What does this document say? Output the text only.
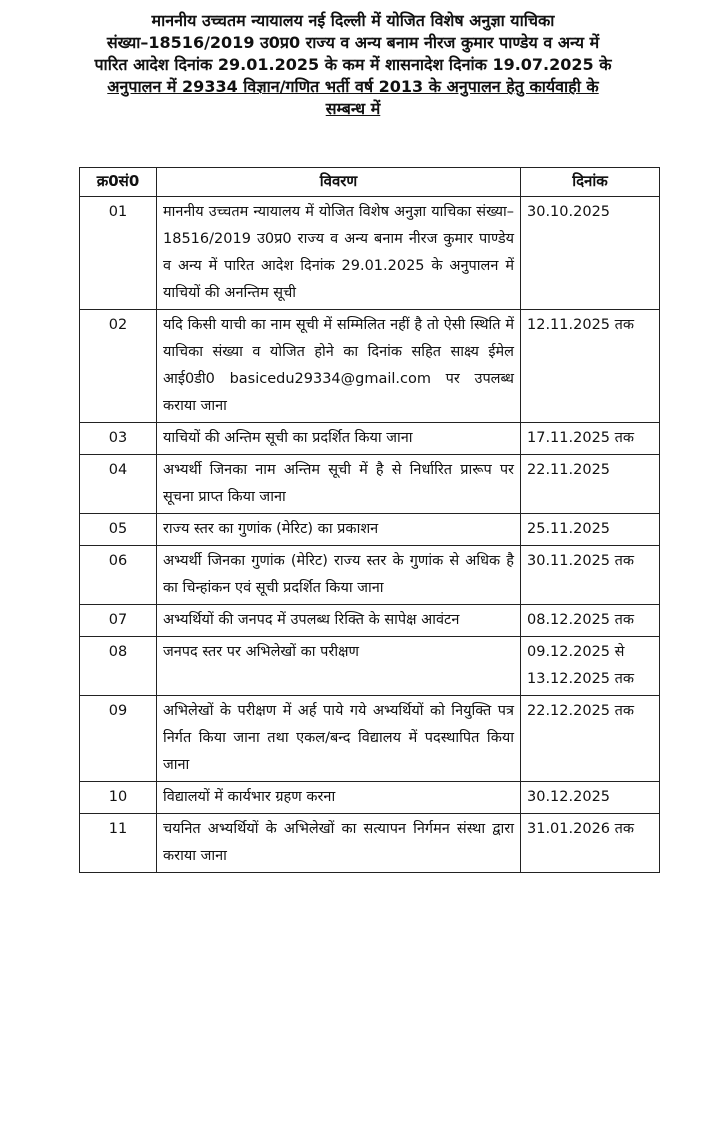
माननीय उच्चतम न्यायालय नई दिल्ली में योजित विशेष अनुज्ञा याचिका
संख्या–18516/2019 उ0प्र0 राज्य व अन्य बनाम नीरज कुमार पाण्डेय व अन्य में
पारित आदेश दिनांक 29.01.2025 के कम में शासनादेश दिनांक 19.07.2025 के
अनुपालन में 29334 विज्ञान/गणित भर्ती वर्ष 2013 के अनुपालन हेतु कार्यवाही के
सम्बन्ध में
क्र0सं0	विवरण	दिनांक
01	माननीय उच्चतम न्यायालय में योजित विशेष अनुज्ञा याचिका संख्या–18516/2019 उ0प्र0 राज्य व अन्य बनाम नीरज कुमार पाण्डेय व अन्य में पारित आदेश दिनांक 29.01.2025 के अनुपालन में याचियों की अनन्तिम सूची	30.10.2025
02	यदि किसी याची का नाम सूची में सम्मिलित नहीं है तो ऐसी स्थिति में याचिका संख्या व योजित होने का दिनांक सहित साक्ष्य ईमेल आई0डी0 basicedu29334@gmail.com पर उपलब्ध कराया जाना	12.11.2025 तक
03	याचियों की अन्तिम सूची का प्रदर्शित किया जाना	17.11.2025 तक
04	अभ्यर्थी जिनका नाम अन्तिम सूची में है से निर्धारित प्रारूप पर सूचना प्राप्त किया जाना	22.11.2025
05	राज्य स्तर का गुणांक (मेरिट) का प्रकाशन	25.11.2025
06	अभ्यर्थी जिनका गुणांक (मेरिट) राज्य स्तर के गुणांक से अधिक है का चिन्हांकन एवं सूची प्रदर्शित किया जाना	30.11.2025 तक
07	अभ्यर्थियों की जनपद में उपलब्ध रिक्ति के सापेक्ष आवंटन	08.12.2025 तक
08	जनपद स्तर पर अभिलेखों का परीक्षण	09.12.2025 से
13.12.2025 तक
09	अभिलेखों के परीक्षण में अर्ह पाये गये अभ्यर्थियों को नियुक्ति पत्र निर्गत किया जाना तथा एकल/बन्द विद्यालय में पदस्थापित किया जाना	22.12.2025 तक
10	विद्यालयों में कार्यभार ग्रहण करना	30.12.2025
11	चयनित अभ्यर्थियों के अभिलेखों का सत्यापन निर्गमन संस्था द्वारा कराया जाना	31.01.2026 तक
